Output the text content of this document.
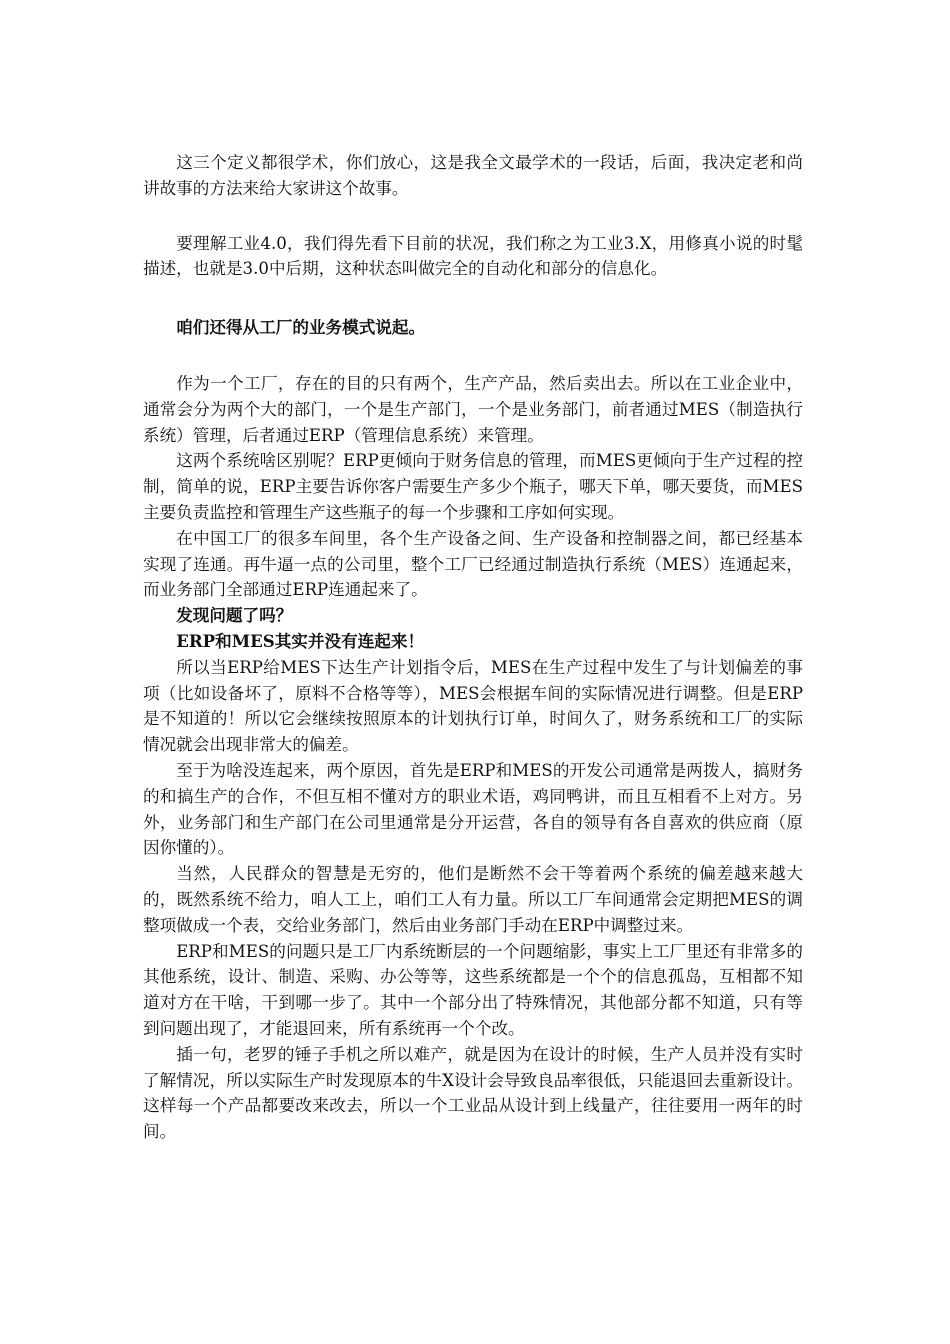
这三个定义都很学术，你们放心，这是我全文最学术的一段话，后面，我决定老和尚讲故事的方法来给大家讲这个故事。

要理解工业4.0，我们得先看下目前的状况，我们称之为工业3.X，用修真小说的时髦描述，也就是3.0中后期，这种状态叫做完全的自动化和部分的信息化。

咱们还得从工厂的业务模式说起。

作为一个工厂，存在的目的只有两个，生产产品，然后卖出去。所以在工业企业中，通常会分为两个大的部门，一个是生产部门，一个是业务部门，前者通过MES（制造执行系统）管理，后者通过ERP（管理信息系统）来管理。

这两个系统啥区别呢？ERP更倾向于财务信息的管理，而MES更倾向于生产过程的控制，简单的说，ERP主要告诉你客户需要生产多少个瓶子，哪天下单，哪天要货，而MES主要负责监控和管理生产这些瓶子的每一个步骤和工序如何实现。

在中国工厂的很多车间里，各个生产设备之间、生产设备和控制器之间，都已经基本实现了连通。再牛逼一点的公司里，整个工厂已经通过制造执行系统（MES）连通起来，而业务部门全部通过ERP连通起来了。

发现问题了吗？

ERP和MES其实并没有连起来！

所以当ERP给MES下达生产计划指令后，MES在生产过程中发生了与计划偏差的事项（比如设备坏了，原料不合格等等），MES会根据车间的实际情况进行调整。但是ERP是不知道的！所以它会继续按照原本的计划执行订单，时间久了，财务系统和工厂的实际情况就会出现非常大的偏差。

至于为啥没连起来，两个原因，首先是ERP和MES的开发公司通常是两拨人，搞财务的和搞生产的合作，不但互相不懂对方的职业术语，鸡同鸭讲，而且互相看不上对方。另外，业务部门和生产部门在公司里通常是分开运营，各自的领导有各自喜欢的供应商（原因你懂的）。

当然，人民群众的智慧是无穷的，他们是断然不会干等着两个系统的偏差越来越大的，既然系统不给力，咱人工上，咱们工人有力量。所以工厂车间通常会定期把MES的调整项做成一个表，交给业务部门，然后由业务部门手动在ERP中调整过来。

ERP和MES的问题只是工厂内系统断层的一个问题缩影，事实上工厂里还有非常多的其他系统，设计、制造、采购、办公等等，这些系统都是一个个的信息孤岛，互相都不知道对方在干啥，干到哪一步了。其中一个部分出了特殊情况，其他部分都不知道，只有等到问题出现了，才能退回来，所有系统再一个个改。

插一句，老罗的锤子手机之所以难产，就是因为在设计的时候，生产人员并没有实时了解情况，所以实际生产时发现原本的牛X设计会导致良品率很低，只能退回去重新设计。这样每一个产品都要改来改去，所以一个工业品从设计到上线量产，往往要用一两年的时间。
